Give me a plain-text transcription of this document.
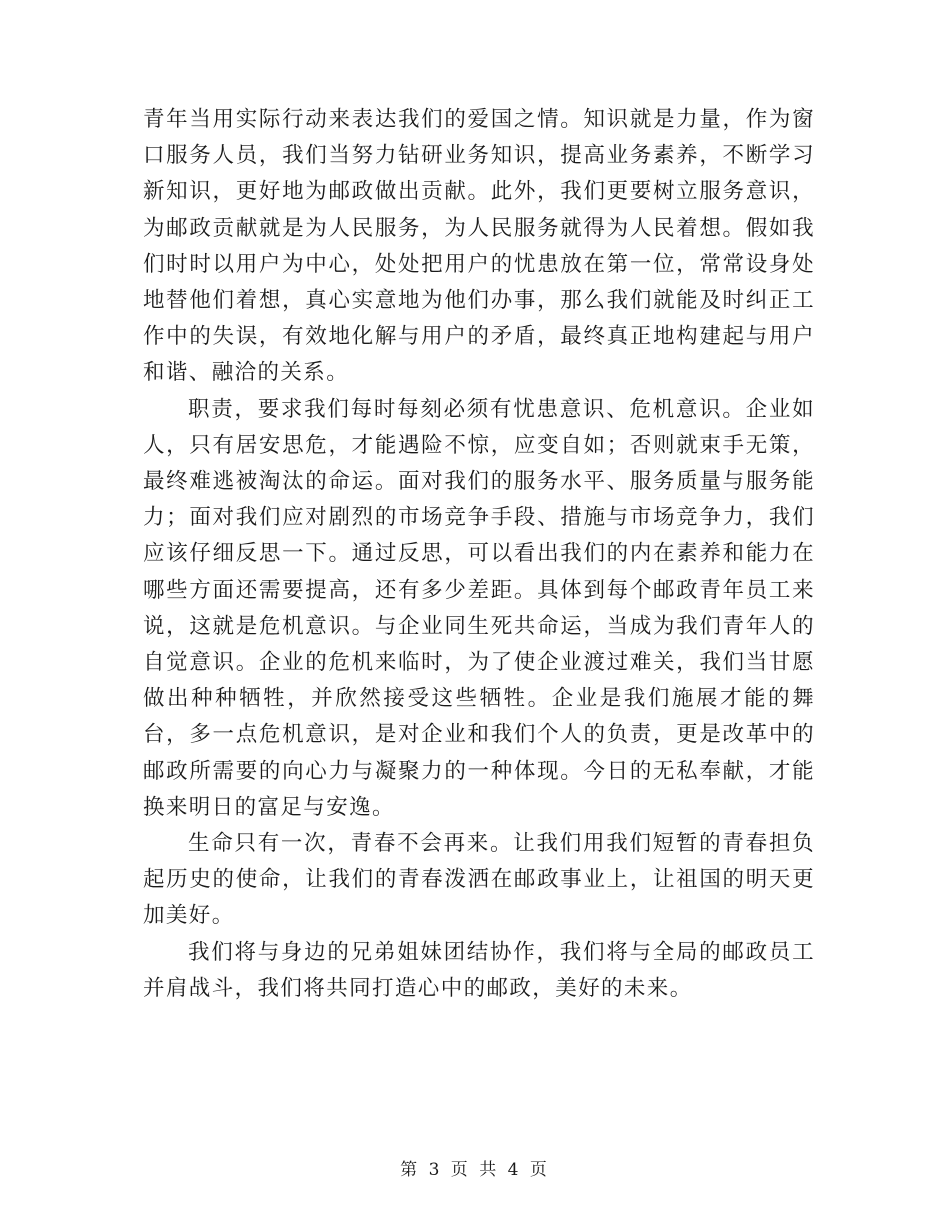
青年当用实际行动来表达我们的爱国之情。知识就是力量，作为窗口服务人员，我们当努力钻研业务知识，提高业务素养，不断学习新知识，更好地为邮政做出贡献。此外，我们更要树立服务意识，为邮政贡献就是为人民服务，为人民服务就得为人民着想。假如我们时时以用户为中心，处处把用户的忧患放在第一位，常常设身处地替他们着想，真心实意地为他们办事，那么我们就能及时纠正工作中的失误，有效地化解与用户的矛盾，最终真正地构建起与用户和谐、融洽的关系。

职责，要求我们每时每刻必须有忧患意识、危机意识。企业如人，只有居安思危，才能遇险不惊，应变自如；否则就束手无策，最终难逃被淘汰的命运。面对我们的服务水平、服务质量与服务能力；面对我们应对剧烈的市场竞争手段、措施与市场竞争力，我们应该仔细反思一下。通过反思，可以看出我们的内在素养和能力在哪些方面还需要提高，还有多少差距。具体到每个邮政青年员工来说，这就是危机意识。与企业同生死共命运，当成为我们青年人的自觉意识。企业的危机来临时，为了使企业渡过难关，我们当甘愿做出种种牺牲，并欣然接受这些牺牲。企业是我们施展才能的舞台，多一点危机意识，是对企业和我们个人的负责，更是改革中的邮政所需要的向心力与凝聚力的一种体现。今日的无私奉献，才能换来明日的富足与安逸。

生命只有一次，青春不会再来。让我们用我们短暂的青春担负起历史的使命，让我们的青春泼洒在邮政事业上，让祖国的明天更加美好。

我们将与身边的兄弟姐妹团结协作，我们将与全局的邮政员工并肩战斗，我们将共同打造心中的邮政，美好的未来。

第 3 页 共 4 页
